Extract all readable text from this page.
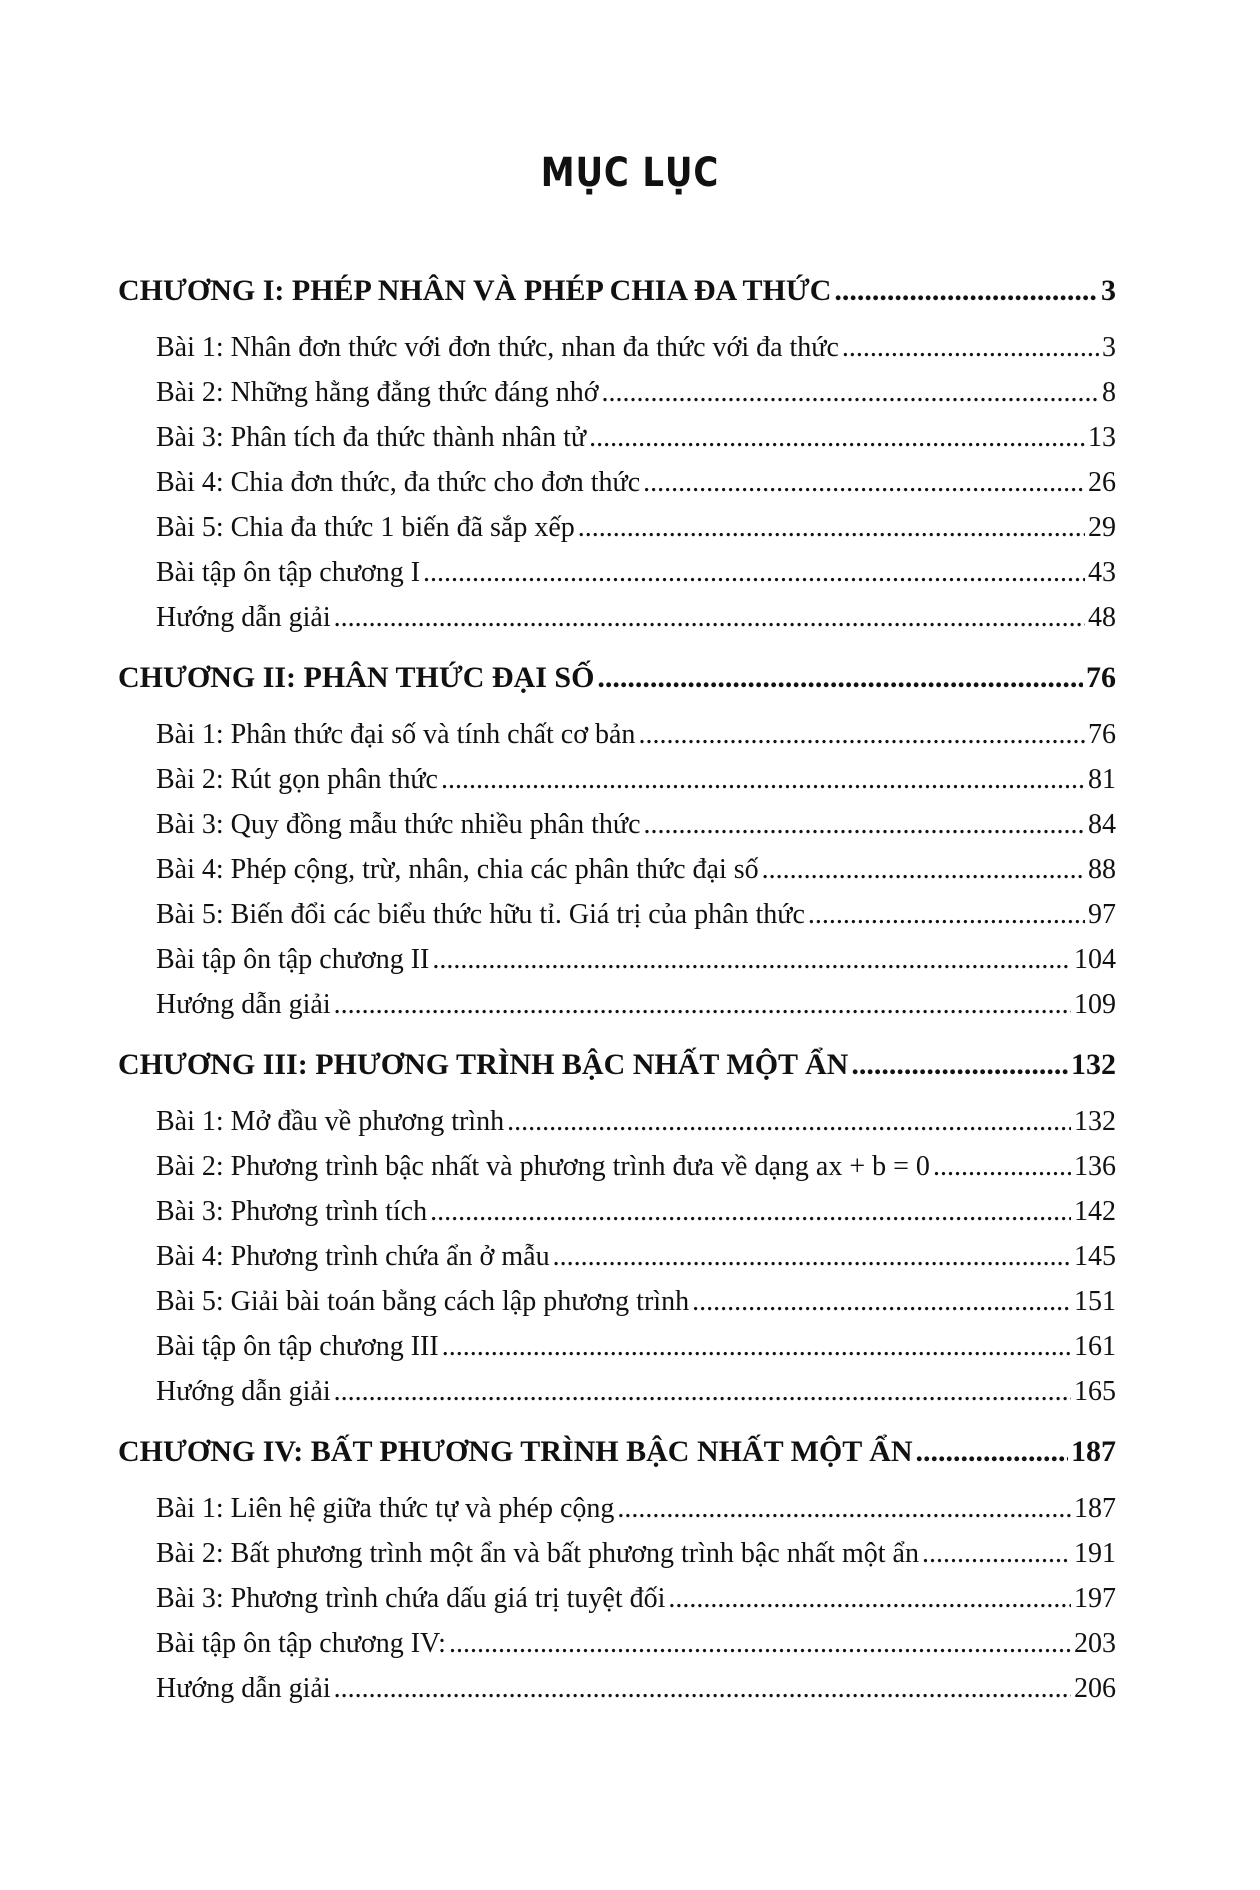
MỤC LỤC
CHƯƠNG I: PHÉP NHÂN VÀ PHÉP CHIA ĐA THỨC .....	3
Bài 1: Nhân đơn thức với đơn thức, nhan đa thức với đa thức .....	3
Bài 2: Những hằng đẳng thức đáng nhớ .....	8
Bài 3: Phân tích đa thức thành nhân tử .....	13
Bài 4: Chia đơn thức, đa thức cho đơn thức .....	26
Bài 5: Chia đa thức 1 biến đã sắp xếp .....	29
Bài tập ôn tập chương I .....	43
Hướng dẫn giải .....	48
CHƯƠNG II: PHÂN THỨC ĐẠI SỐ .....	76
Bài 1: Phân thức đại số và tính chất cơ bản .....	76
Bài 2: Rút gọn phân thức .....	81
Bài 3: Quy đồng mẫu thức nhiều phân thức .....	84
Bài 4: Phép cộng, trừ, nhân, chia các phân thức đại số .....	88
Bài 5: Biến đổi các biểu thức hữu tỉ. Giá trị của phân thức .....	97
Bài tập ôn tập chương II .....	104
Hướng dẫn giải .....	109
CHƯƠNG III: PHƯƠNG TRÌNH BẬC NHẤT MỘT ẨN .....	132
Bài 1: Mở đầu về phương trình .....	132
Bài 2: Phương trình bậc nhất và phương trình đưa về dạng ax + b = 0 .....	136
Bài 3: Phương trình tích .....	142
Bài 4: Phương trình chứa ẩn ở mẫu .....	145
Bài 5: Giải bài toán bằng cách lập phương trình .....	151
Bài tập ôn tập chương III .....	161
Hướng dẫn giải .....	165
CHƯƠNG IV: BẤT PHƯƠNG TRÌNH BẬC NHẤT MỘT ẨN .....	187
Bài 1: Liên hệ giữa thức tự và phép cộng .....	187
Bài 2: Bất phương trình một ẩn và bất phương trình bậc nhất một ẩn .....	191
Bài 3: Phương trình chứa dấu giá trị tuyệt đối .....	197
Bài tập ôn tập chương IV: .....	203
Hướng dẫn giải .....	206
